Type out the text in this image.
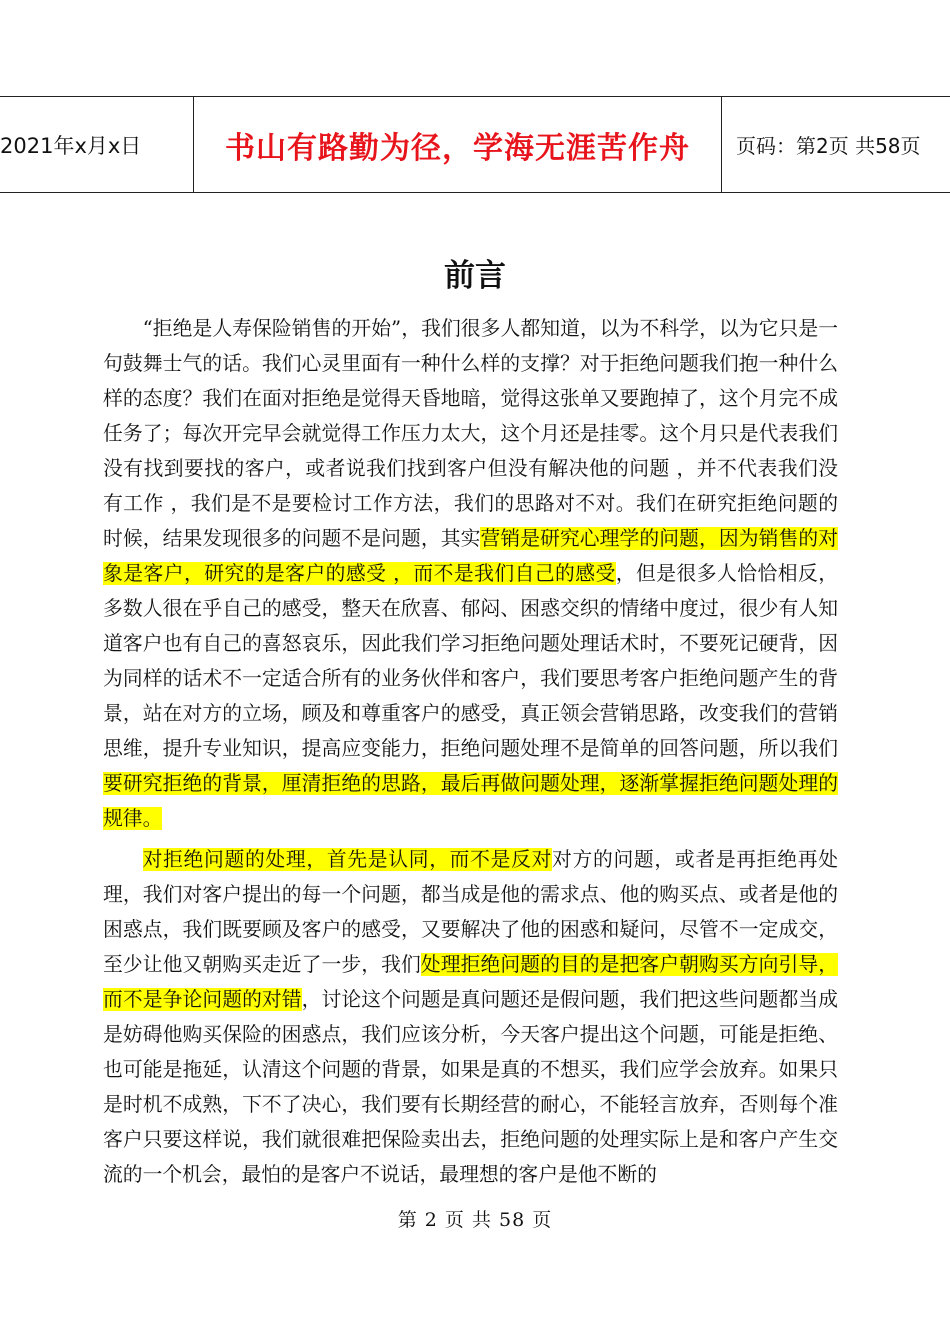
2021年x月x日	书山有路勤为径，学海无涯苦作舟	页码：第2页 共58页
前言

“拒绝是人寿保险销售的开始”，我们很多人都知道，以为不科学，以为它只是一句鼓舞士气的话。我们心灵里面有一种什么样的支撑？对于拒绝问题我们抱一种什么样的态度？我们在面对拒绝是觉得天昏地暗，觉得这张单又要跑掉了，这个月完不成任务了；每次开完早会就觉得工作压力太大，这个月还是挂零。这个月只是代表我们没有找到要找的客户，或者说我们找到客户但没有解决他的问题 ，并不代表我们没有工作 ，我们是不是要检讨工作方法，我们的思路对不对。我们在研究拒绝问题的时候，结果发现很多的问题不是问题，其实营销是研究心理学的问题，因为销售的对象是客户，研究的是客户的感受 ，而不是我们自己的感受，但是很多人恰恰相反，多数人很在乎自己的感受，整天在欣喜、郁闷、困惑交织的情绪中度过，很少有人知道客户也有自己的喜怒哀乐，因此我们学习拒绝问题处理话术时，不要死记硬背，因为同样的话术不一定适合所有的业务伙伴和客户，我们要思考客户拒绝问题产生的背景，站在对方的立场，顾及和尊重客户的感受，真正领会营销思路，改变我们的营销思维，提升专业知识，提高应变能力，拒绝问题处理不是简单的回答问题，所以我们要研究拒绝的背景，厘清拒绝的思路，最后再做问题处理，逐渐掌握拒绝问题处理的规律。

对拒绝问题的处理，首先是认同，而不是反对对方的问题，或者是再拒绝再处理，我们对客户提出的每一个问题，都当成是他的需求点、他的购买点、或者是他的困惑点，我们既要顾及客户的感受，又要解决了他的困惑和疑问，尽管不一定成交，至少让他又朝购买走近了一步，我们处理拒绝问题的目的是把客户朝购买方向引导，而不是争论问题的对错，讨论这个问题是真问题还是假问题，我们把这些问题都当成是妨碍他购买保险的困惑点，我们应该分析，今天客户提出这个问题，可能是拒绝、也可能是拖延，认清这个问题的背景，如果是真的不想买，我们应学会放弃。如果只是时机不成熟，下不了决心，我们要有长期经营的耐心，不能轻言放弃，否则每个准客户只要这样说，我们就很难把保险卖出去，拒绝问题的处理实际上是和客户产生交流的一个机会，最怕的是客户不说话，最理想的客户是他不断的

第 2 页 共 58 页
